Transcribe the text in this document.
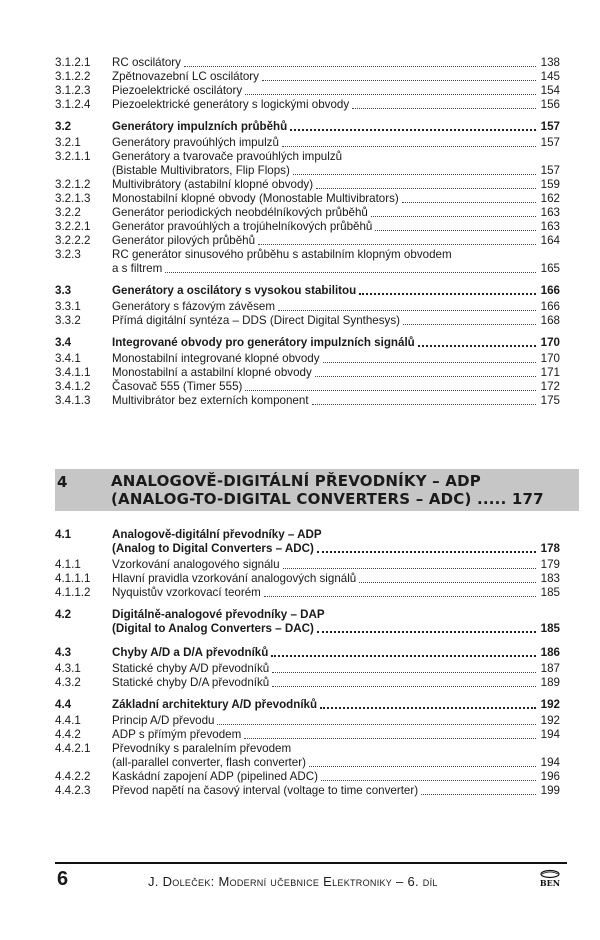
3.1.2.1	RC oscilátory	138
3.1.2.2	Zpětnovazební LC oscilátory	145
3.1.2.3	Piezoelektrické oscilátory	154
3.1.2.4	Piezoelektrické generátory s logickými obvody	156
3.2	Generátory impulzních průběhů	157
3.2.1	Generátory pravoúhlých impulzů	157
3.2.1.1	Generátory a tvarovače pravoúhlých impulzů
(Bistable Multivibrators, Flip Flops)	157
3.2.1.2	Multivibrátory (astabilní klopné obvody)	159
3.2.1.3	Monostabilní klopné obvody (Monostable Multivibrators)	162
3.2.2	Generátor periodických neobdélníkových průběhů	163
3.2.2.1	Generátor pravoúhlých a trojúhelníkových průběhů	163
3.2.2.2	Generátor pilových průběhů	164
3.2.3	RC generátor sinusového průběhu s astabilním klopným obvodem
a s filtrem	165
3.3	Generátory a oscilátory s vysokou stabilitou	166
3.3.1	Generátory s fázovým závěsem	166
3.3.2	Přímá digitální syntéza – DDS (Direct Digital Synthesys)	168
3.4	Integrované obvody pro generátory impulzních signálů	170
3.4.1	Monostabilní integrované klopné obvody	170
3.4.1.1	Monostabilní a astabilní klopné obvody	171
3.4.1.2	Časovač 555 (Timer 555)	172
3.4.1.3	Multivibrátor bez externích komponent	175
4	ANALOGOVĚ-DIGITÁLNÍ PŘEVODNÍKY – ADP
(ANALOG-TO-DIGITAL CONVERTERS – ADC) ..... 177
4.1	Analogově-digitální převodníky – ADP
(Analog to Digital Converters – ADC)	178
4.1.1	Vzorkování analogového signálu	179
4.1.1.1	Hlavní pravidla vzorkování analogových signálů	183
4.1.1.2	Nyquistův vzorkovací teorém	185
4.2	Digitálně-analogové převodníky – DAP
(Digital to Analog Converters – DAC)	185
4.3	Chyby A/D a D/A převodníků	186
4.3.1	Statické chyby A/D převodníků	187
4.3.2	Statické chyby D/A převodníků	189
4.4	Základní architektury A/D převodníků	192
4.4.1	Princip A/D převodu	192
4.4.2	ADP s přímým převodem	194
4.4.2.1	Převodníky s paralelním převodem
(all-parallel converter, flash converter)	194
4.4.2.2	Kaskádní zapojení ADP (pipelined ADC)	196
4.4.2.3	Převod napětí na časový interval (voltage to time converter)	199
6	J. Doleček: Moderní učebnice Elektroniky – 6. díl	BEN
